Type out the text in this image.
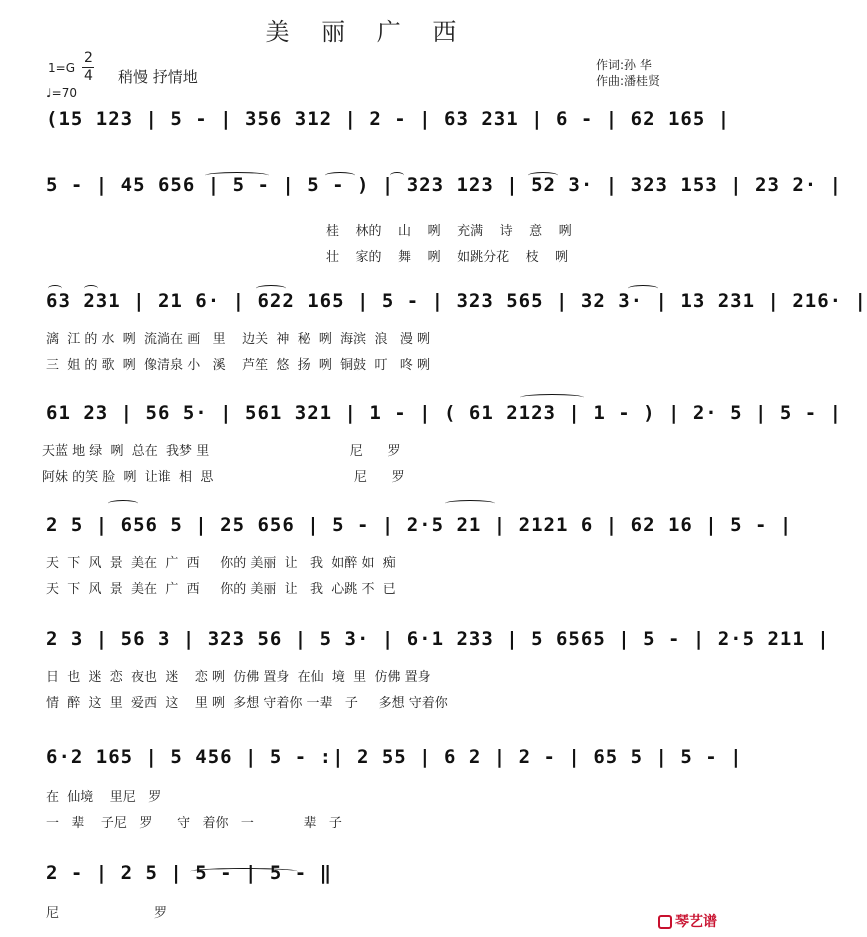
美 丽 广 西
1=G
2
4 稍慢 抒情地
♩=70
作词:孙 华
作曲:潘桂贤
(15 123 | 5 - | 356 312 | 2 - | 63 231 | 6 - | 62 165 |
5 - | 45 656 | 5 - | 5 - ) | 323 123 | 52 3· | 323 153 | 23 2· |
桂    林的    山    咧    充满    诗    意    咧
壮    家的    舞    咧    如跳分花    枝    咧
63 231 | 21 6· | 622 165 | 5 - | 323 565 | 32 3· | 13 231 | 216· |
漓  江 的 水  咧  流淌在 画   里    边关  神  秘  咧  海滨  浪   漫 咧
三  姐 的 歌  咧  像清泉 小   溪    芦笙  悠  扬  咧  铜鼓  叮   咚 咧
61 23 | 56 5· | 561 321 | 1 - | ( 61 2123 | 1 - ) | 2· 5 | 5 - |
天蓝 地 绿  咧  总在  我梦 里                                  尼      罗
阿妹 的笑 脸  咧  让谁  相  思                                  尼      罗
2 5 | 656 5 | 25 656 | 5 - | 2·5 21 | 2121 6 | 62 16 | 5 - |
天  下  风  景  美在  广  西     你的 美丽  让   我  如醉 如  痴
天  下  风  景  美在  广  西     你的 美丽  让   我  心跳 不  已
2 3 | 56 3 | 323 56 | 5 3· | 6·1 233 | 5 6565 | 5 - | 2·5 211 |
日  也  迷  恋  夜也  迷    恋 咧  仿佛 置身  在仙  境  里  仿佛 置身
情  醉  这  里  爱西  这    里 咧  多想 守着你 一辈   子     多想 守着你
6·2 165 | 5 456 | 5 - :| 2 55 | 6 2 | 2 - | 65 5 | 5 - |
在  仙境    里尼   罗
一   辈    子尼   罗      守   着你   一            辈   子
2 - | 2 5 | 5 - | 5 - ‖
尼                       罗
琴艺谱
